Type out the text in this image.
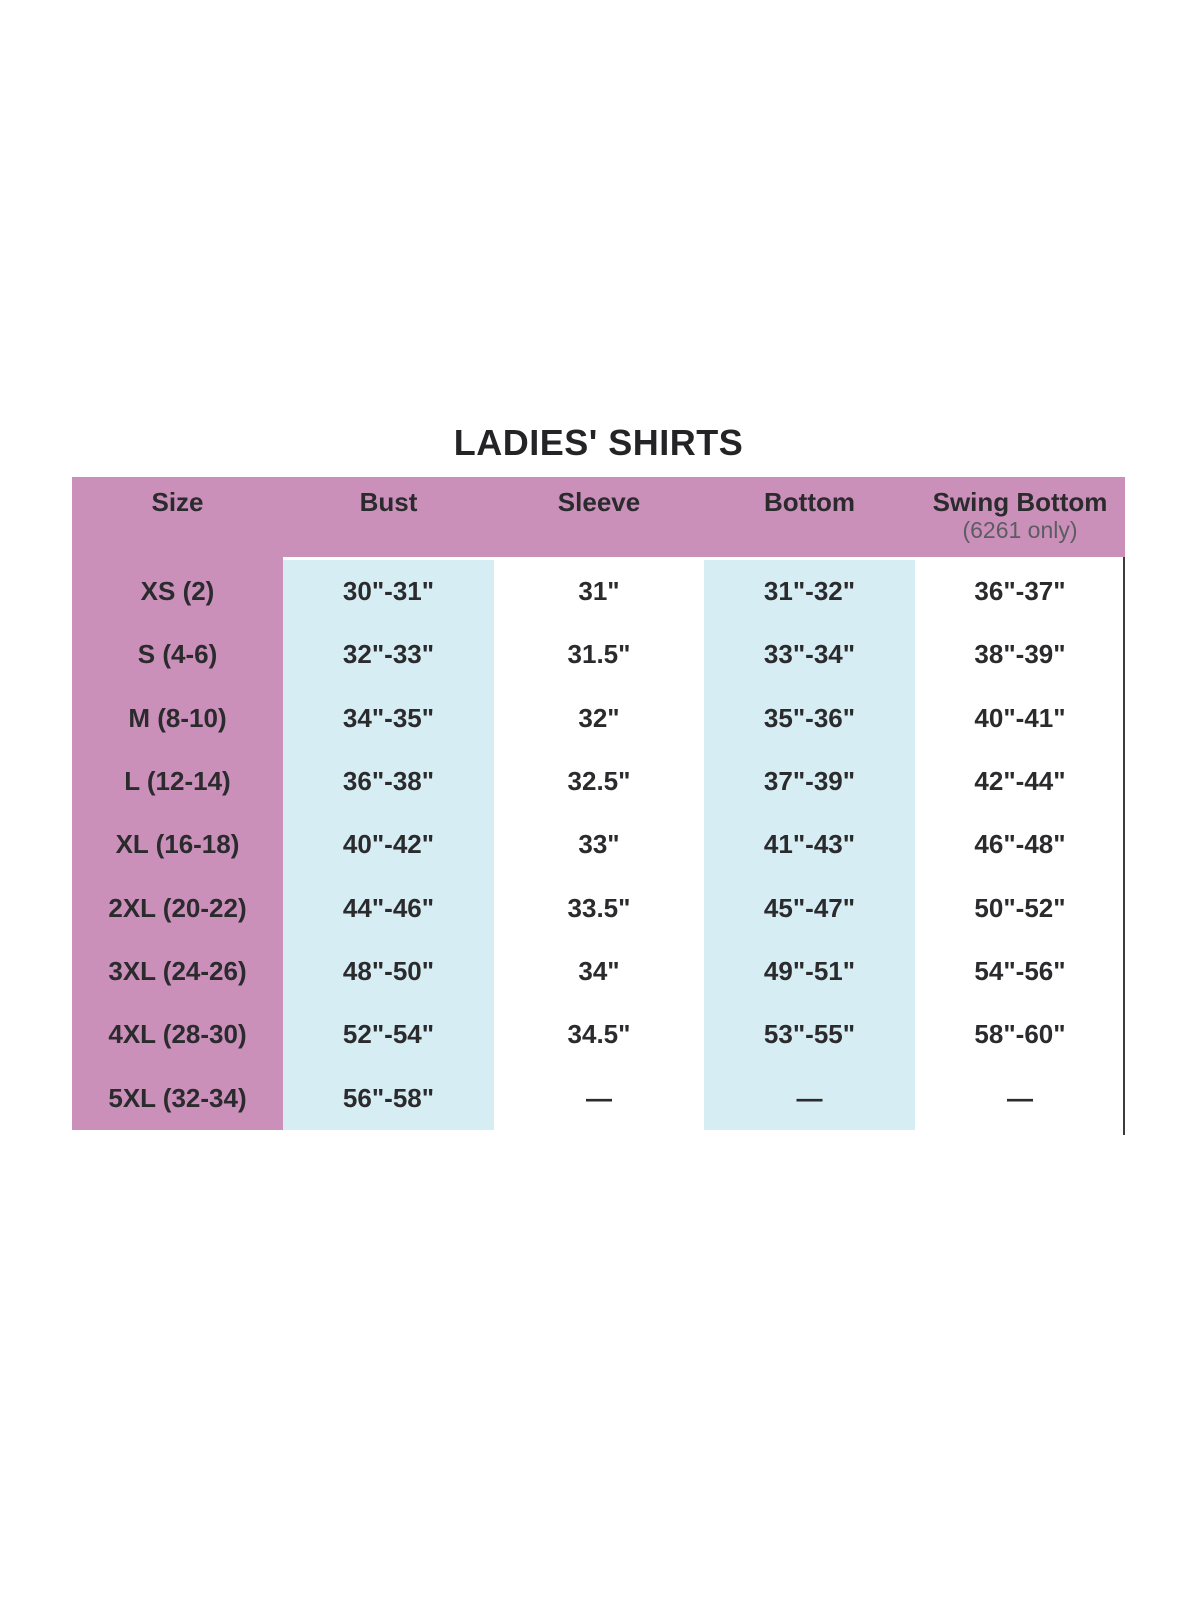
LADIES' SHIRTS
Size	Bust	Sleeve	Bottom	Swing Bottom
(6261 only)
XS (2)	30"-31"	31"	31"-32"	36"-37"
S (4-6)	32"-33"	31.5"	33"-34"	38"-39"
M (8-10)	34"-35"	32"	35"-36"	40"-41"
L (12-14)	36"-38"	32.5"	37"-39"	42"-44"
XL (16-18)	40"-42"	33"	41"-43"	46"-48"
2XL (20-22)	44"-46"	33.5"	45"-47"	50"-52"
3XL (24-26)	48"-50"	34"	49"-51"	54"-56"
4XL (28-30)	52"-54"	34.5"	53"-55"	58"-60"
5XL (32-34)	56"-58"	—	—	—
